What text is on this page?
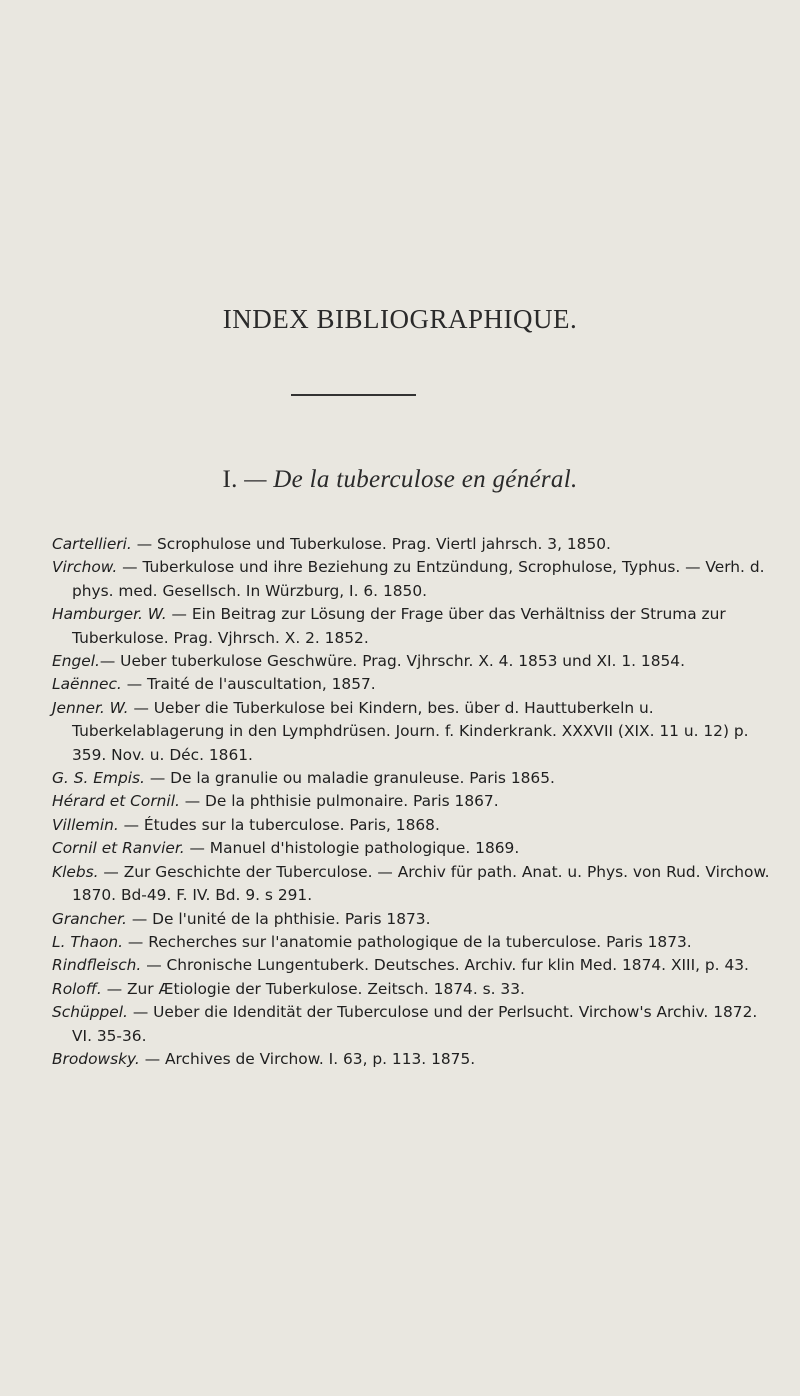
INDEX BIBLIOGRAPHIQUE.
I. — De la tuberculose en général.

Cartellieri. — Scrophulose und Tuberkulose. Prag. Viertl jahrsch. 3, 1850.

Virchow. — Tuberkulose und ihre Beziehung zu Entzündung, Scrophulose, Typhus. — Verh. d. phys. med. Gesellsch. In Würzburg, I. 6. 1850.

Hamburger. W. — Ein Beitrag zur Lösung der Frage über das Verhältniss der Struma zur Tuberkulose. Prag. Vjhrsch. X. 2. 1852.

Engel.— Ueber tuberkulose Geschwüre. Prag. Vjhrschr. X. 4. 1853 und XI. 1. 1854.

Laënnec. — Traité de l'auscultation, 1857.

Jenner. W. — Ueber die Tuberkulose bei Kindern, bes. über d. Hauttuberkeln u. Tuberkelablagerung in den Lymphdrüsen. Journ. f. Kinderkrank. XXXVII (XIX. 11 u. 12) p. 359. Nov. u. Déc. 1861.

G. S. Empis. — De la granulie ou maladie granuleuse. Paris 1865.

Hérard et Cornil. — De la phthisie pulmonaire. Paris 1867.

Villemin. — Études sur la tuberculose. Paris, 1868.

Cornil et Ranvier. — Manuel d'histologie pathologique. 1869.

Klebs. — Zur Geschichte der Tuberculose. — Archiv für path. Anat. u. Phys. von Rud. Virchow. 1870. Bd-49. F. IV. Bd. 9. s 291.

Grancher. — De l'unité de la phthisie. Paris 1873.

L. Thaon. — Recherches sur l'anatomie pathologique de la tuberculose. Paris 1873.

Rindfleisch. — Chronische Lungentuberk. Deutsches. Archiv. fur klin Med. 1874. XIII, p. 43.

Roloff. — Zur Ætiologie der Tuberkulose. Zeitsch. 1874. s. 33.

Schüppel. — Ueber die Idendität der Tuberculose und der Perlsucht. Virchow's Archiv. 1872. VI. 35-36.

Brodowsky. — Archives de Virchow. I. 63, p. 113. 1875.
